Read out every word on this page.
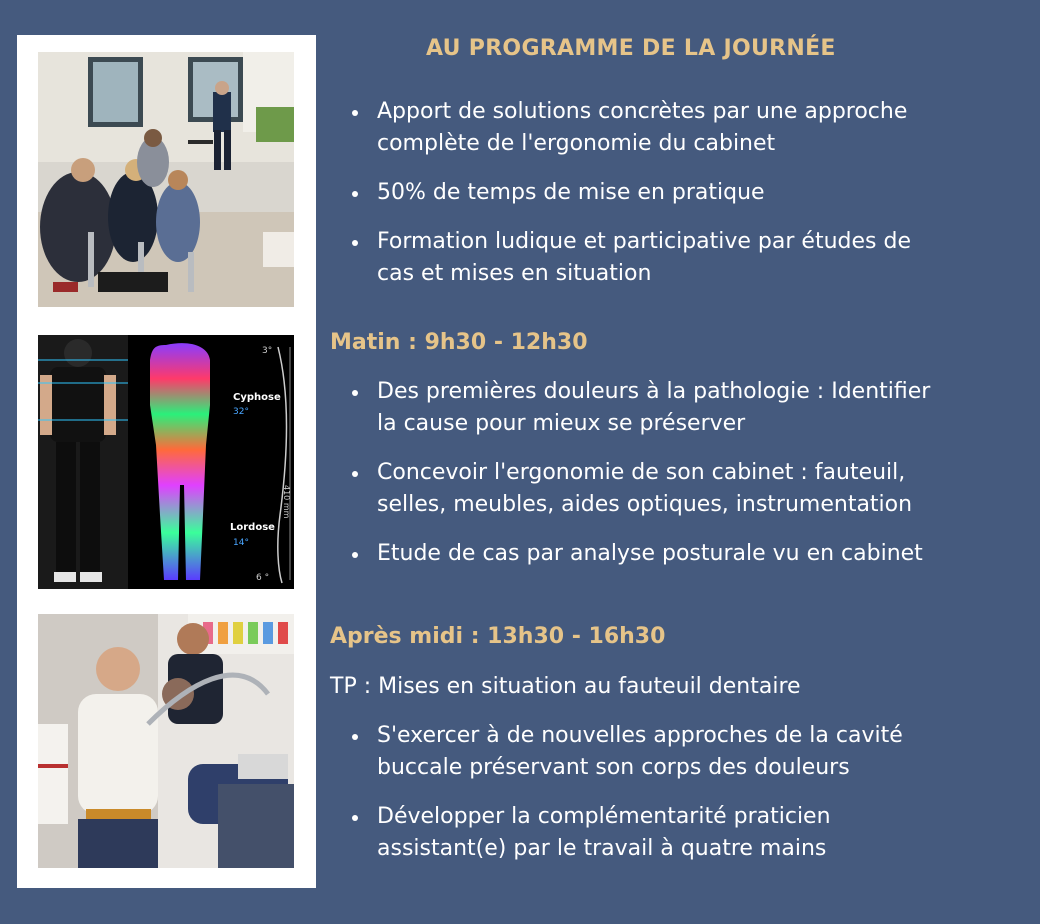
Cyphose
32°
Lordose
14°
3°
6 °
410 mm
AU PROGRAMME DE LA JOURNÉE
Apport de solutions concrètes par une approche
complète de l'ergonomie du cabinet
50% de temps de mise en pratique
Formation ludique et participative par études de
cas et mises en situation
Matin : 9h30 - 12h30
Des premières douleurs à la pathologie : Identifier
la cause pour mieux se préserver
Concevoir l'ergonomie de son cabinet : fauteuil,
selles, meubles, aides optiques, instrumentation
Etude de cas par analyse posturale vu en cabinet
Après midi : 13h30 - 16h30
TP : Mises en situation au fauteuil dentaire
S'exercer à de nouvelles approches de la cavité
buccale préservant son corps des douleurs
Développer la complémentarité praticien
assistant(e) par le travail à quatre mains
